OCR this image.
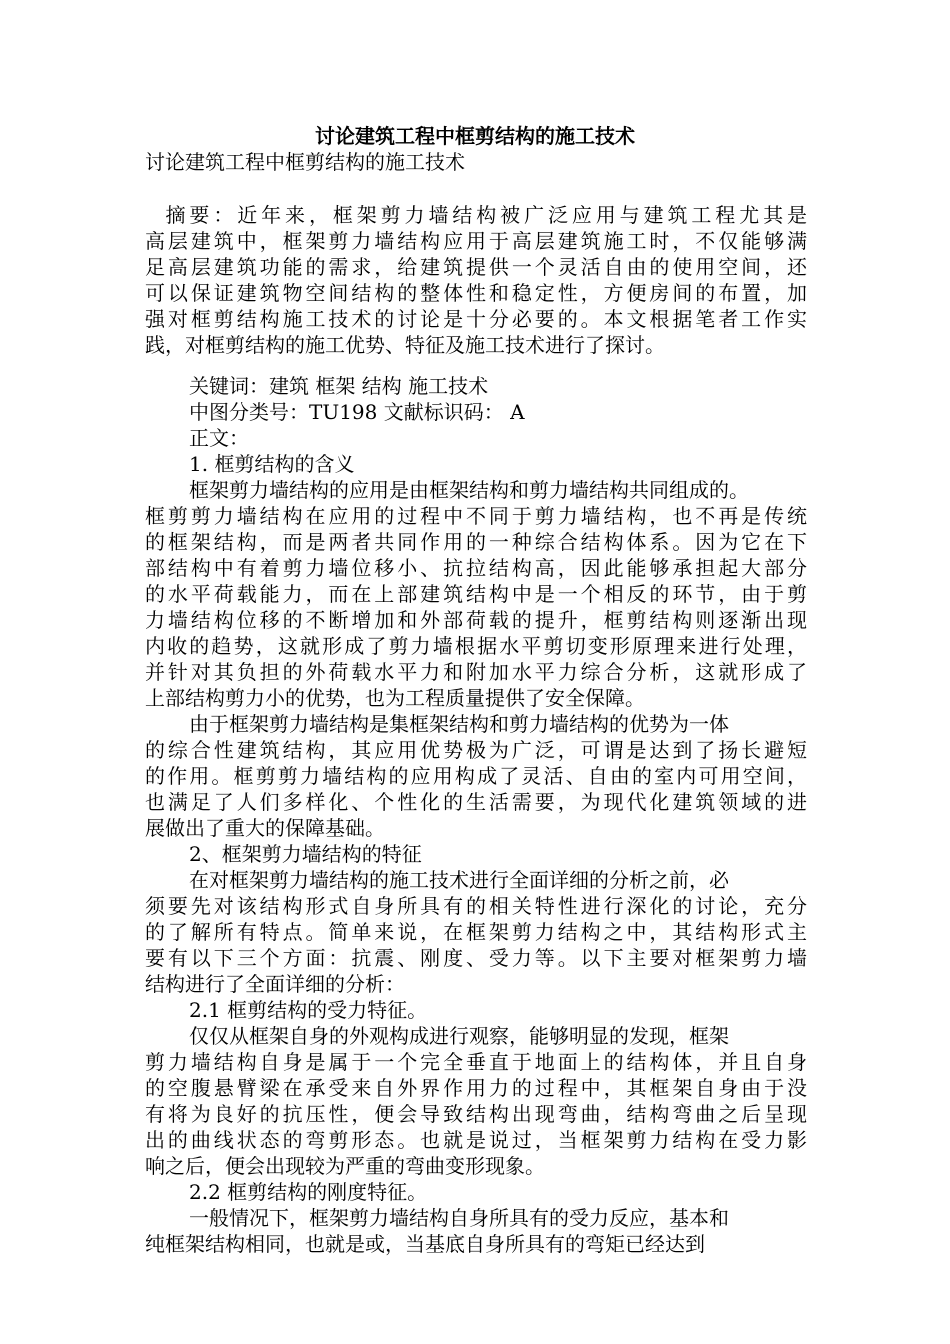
讨论建筑工程中框剪结构的施工技术
讨论建筑工程中框剪结构的施工技术
摘要：近年来，框架剪力墙结构被广泛应用与建筑工程尤其是
高层建筑中，框架剪力墙结构应用于高层建筑施工时，不仅能够满
足高层建筑功能的需求，给建筑提供一个灵活自由的使用空间，还
可以保证建筑物空间结构的整体性和稳定性，方便房间的布置，加
强对框剪结构施工技术的讨论是十分必要的。本文根据笔者工作实
践，对框剪结构的施工优势、特征及施工技术进行了探讨。
关键词：建筑 框架 结构 施工技术
中图分类号：TU198 文献标识码： A
正文：
1. 框剪结构的含义
框架剪力墙结构的应用是由框架结构和剪力墙结构共同组成的。
框剪剪力墙结构在应用的过程中不同于剪力墙结构，也不再是传统
的框架结构，而是两者共同作用的一种综合结构体系。因为它在下
部结构中有着剪力墙位移小、抗拉结构高，因此能够承担起大部分
的水平荷载能力，而在上部建筑结构中是一个相反的环节，由于剪
力墙结构位移的不断增加和外部荷载的提升，框剪结构则逐渐出现
内收的趋势，这就形成了剪力墙根据水平剪切变形原理来进行处理，
并针对其负担的外荷载水平力和附加水平力综合分析，这就形成了
上部结构剪力小的优势，也为工程质量提供了安全保障。
由于框架剪力墙结构是集框架结构和剪力墙结构的优势为一体
的综合性建筑结构，其应用优势极为广泛，可谓是达到了扬长避短
的作用。框剪剪力墙结构的应用构成了灵活、自由的室内可用空间，
也满足了人们多样化、个性化的生活需要，为现代化建筑领域的进
展做出了重大的保障基础。
2、框架剪力墙结构的特征
在对框架剪力墙结构的施工技术进行全面详细的分析之前，必
须要先对该结构形式自身所具有的相关特性进行深化的讨论，充分
的了解所有特点。简单来说，在框架剪力结构之中，其结构形式主
要有以下三个方面：抗震、刚度、受力等。以下主要对框架剪力墙
结构进行了全面详细的分析：
2.1 框剪结构的受力特征。
仅仅从框架自身的外观构成进行观察，能够明显的发现，框架
剪力墙结构自身是属于一个完全垂直于地面上的结构体，并且自身
的空腹悬臂梁在承受来自外界作用力的过程中，其框架自身由于没
有将为良好的抗压性，便会导致结构出现弯曲，结构弯曲之后呈现
出的曲线状态的弯剪形态。也就是说过，当框架剪力结构在受力影
响之后，便会出现较为严重的弯曲变形现象。
2.2 框剪结构的刚度特征。
一般情况下，框架剪力墙结构自身所具有的受力反应，基本和
纯框架结构相同，也就是或，当基底自身所具有的弯矩已经达到
